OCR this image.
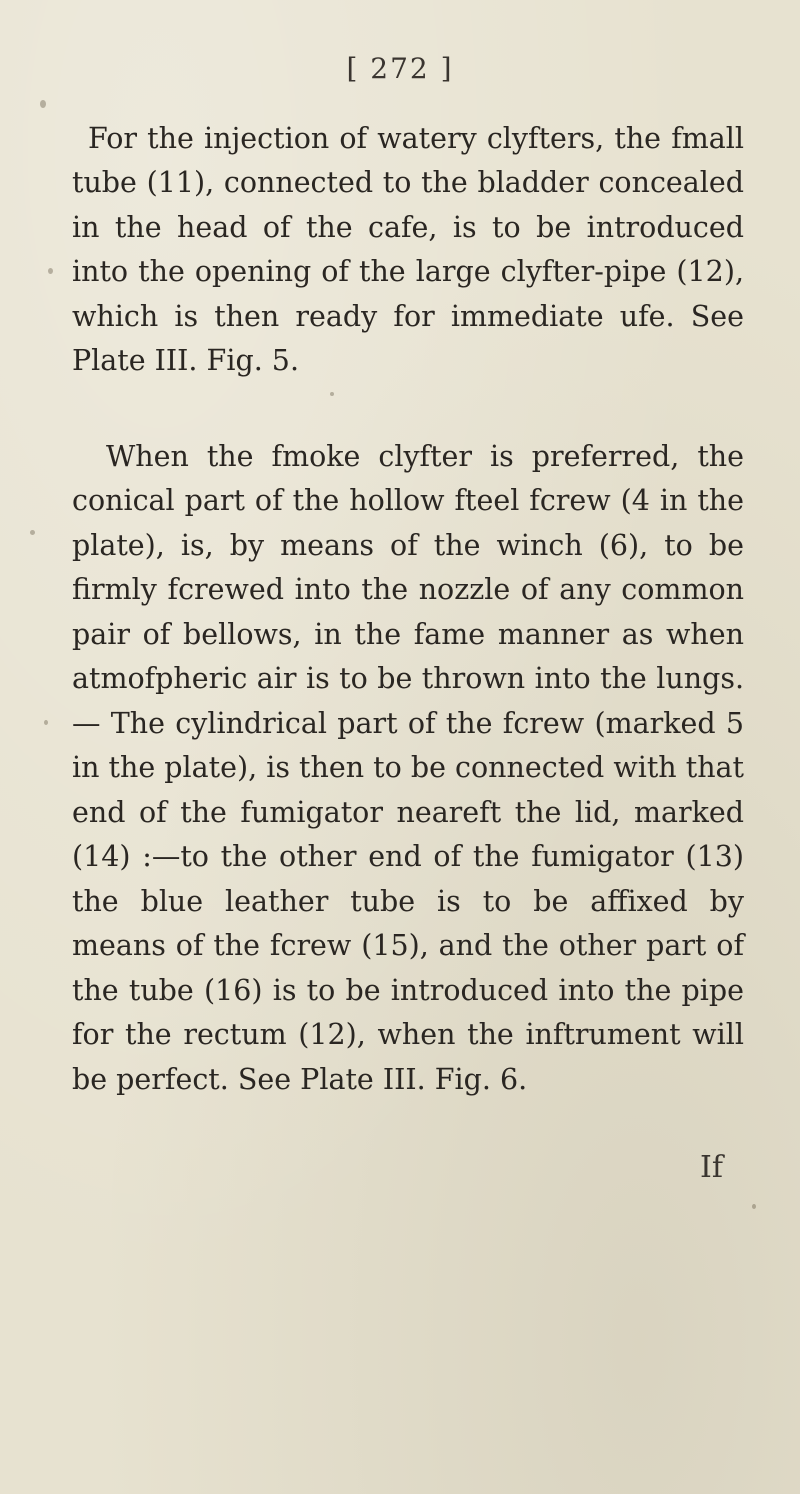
[ 272 ]

For the injection of watery clyfters, the fmall tube (11), connected to the bladder concealed in the head of the cafe, is to be introduced into the opening of the large clyfter-pipe (12), which is then ready for immediate ufe. See Plate III. Fig. 5.

When the fmoke clyfter is preferred, the conical part of the hollow fteel fcrew (4 in the plate), is, by means of the winch (6), to be firmly fcrewed into the nozzle of any common pair of bellows, in the fame manner as when atmofpheric air is to be thrown into the lungs. — The cylindrical part of the fcrew (marked 5 in the plate), is then to be connected with that end of the fumigator neareft the lid, marked (14) :—to the other end of the fumigator (13) the blue leather tube is to be affixed by means of the fcrew (15), and the other part of the tube (16) is to be introduced into the pipe for the rectum (12), when the inftrument will be perfect. See Plate III. Fig. 6.

If
